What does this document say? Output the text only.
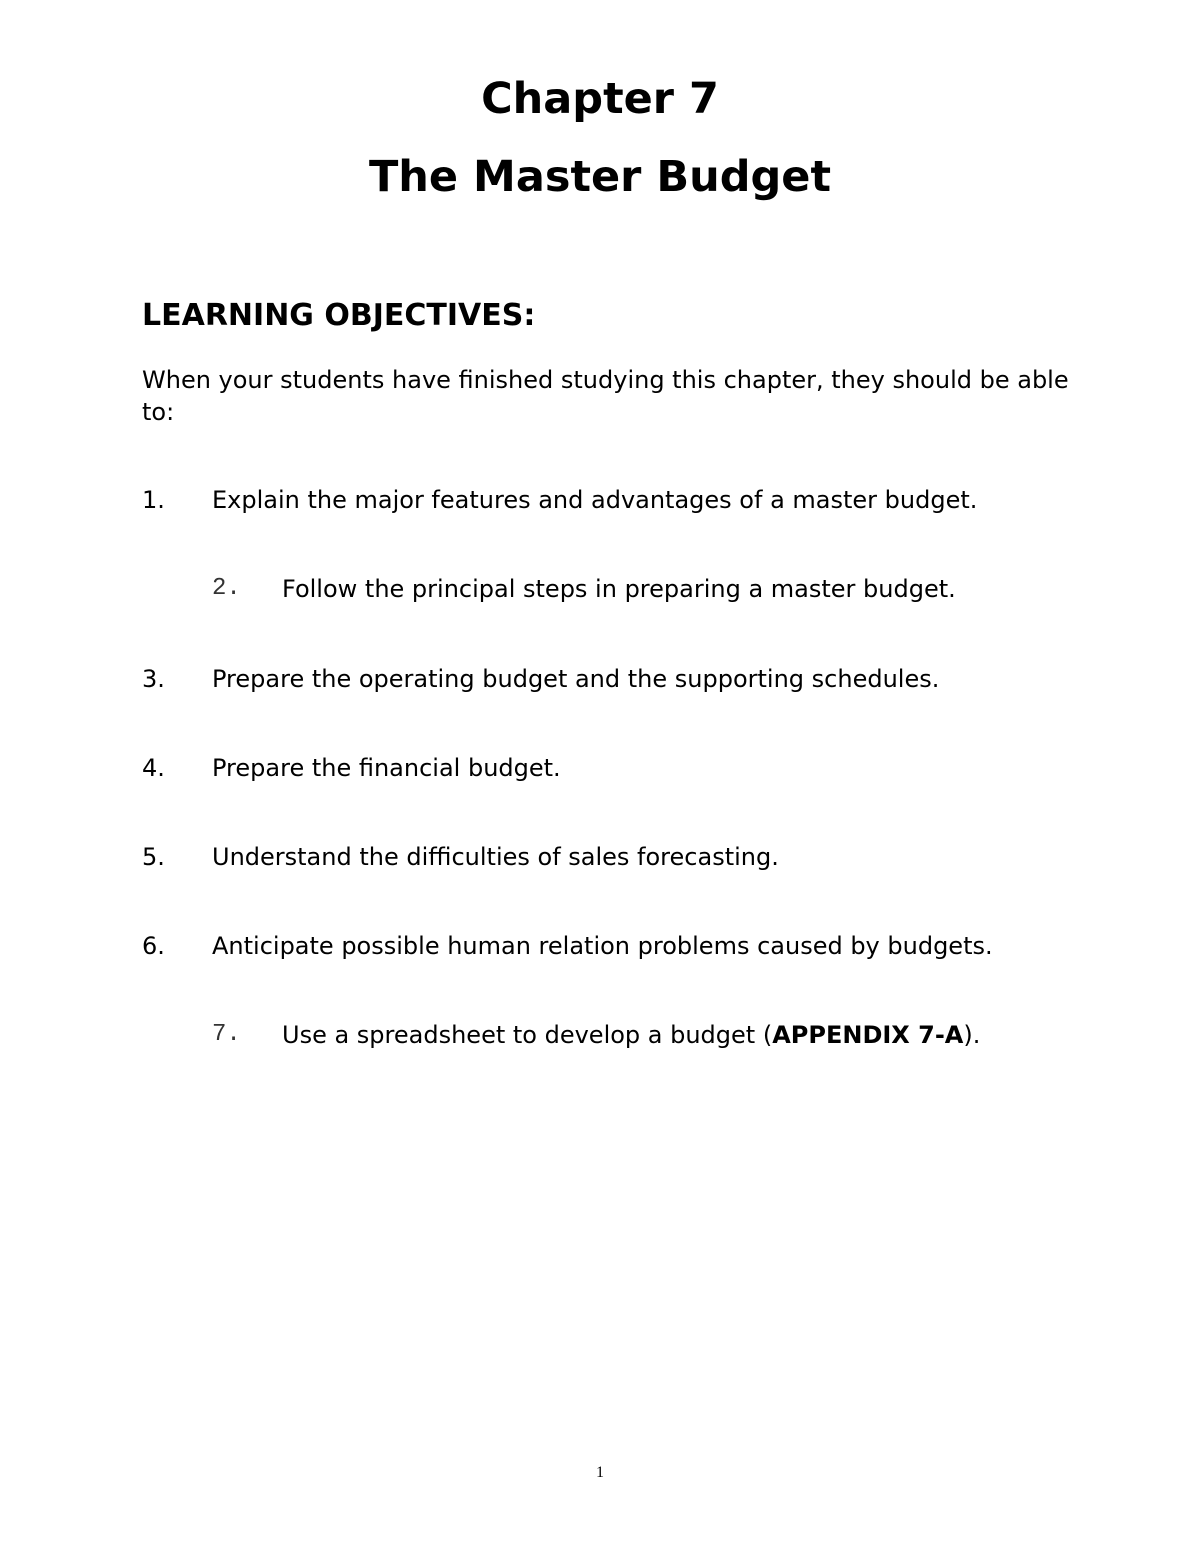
Chapter 7
The Master Budget
LEARNING OBJECTIVES:

When your students have finished studying this chapter, they should be able to:

1. Explain the major features and advantages of a master budget.
2. Follow the principal steps in preparing a master budget.
3. Prepare the operating budget and the supporting schedules.
4. Prepare the financial budget.
5. Understand the difficulties of sales forecasting.
6. Anticipate possible human relation problems caused by budgets.
7. Use a spreadsheet to develop a budget (APPENDIX 7-A).
1
